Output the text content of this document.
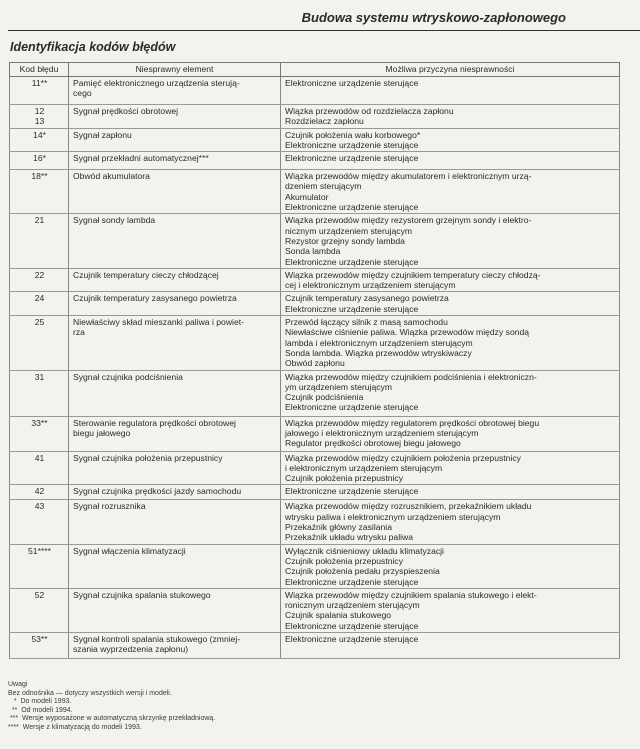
Budowa systemu wtryskowo-zapłonowego
Identyfikacja kodów błędów
Kod błędu	Niesprawny element	Możliwa przyczyna niesprawności

11**	Pamięć elektronicznego urządzenia sterują-
cego	Elektroniczne urządzenie sterujące

12
13	Sygnał prędkości obrotowej	Wiązka przewodów od rozdzielacza zapłonu
Rozdzielacz zapłonu

14*	Sygnał zapłonu	Czujnik położenia wału korbowego*
Elektroniczne urządzenie sterujące

16*	Sygnał przekładni automatycznej***	Elektroniczne urządzenie sterujące

18**	Obwód akumulatora	Wiązka przewodów między akumulatorem i elektronicznym urzą-
dzeniem sterującym
Akumulator
Elektroniczne urządzenie sterujące

21	Sygnał sondy lambda	Wiązka przewodów między rezystorem grzejnym sondy i elektro-
nicznym urządzeniem sterującym
Rezystor grzejny sondy lambda
Sonda lambda
Elektroniczne urządzenie sterujące

22	Czujnik temperatury cieczy chłodzącej	Wiązka przewodów między czujnikiem temperatury cieczy chłodzą-
cej i elektronicznym urządzeniem sterującym

24	Czujnik temperatury zasysanego powietrza	Czujnik temperatury zasysanego powietrza
Elektroniczne urządzenie sterujące

25	Niewłaściwy skład mieszanki paliwa i powiet-
rza	Przewód łączący silnik z masą samochodu
Niewłaściwe ciśnienie paliwa. Wiązka przewodów między sondą
lambda i elektronicznym urządzeniem sterującym
Sonda lambda. Wiązka przewodów wtryskiwaczy
Obwód zapłonu

31	Sygnał czujnika podciśnienia	Wiązka przewodów między czujnikiem podciśnienia i elektroniczn-
ym urządzeniem sterującym
Czujnik podciśnienia
Elektroniczne urządzenie sterujące

33**	Sterowanie regulatora prędkości obrotowej
biegu jałowego	Wiązka przewodów między regulatorem prędkości obrotowej biegu
jałowego i elektronicznym urządzeniem sterującym
Regulator prędkości obrotowej biegu jałowego

41	Sygnał czujnika położenia przepustnicy	Wiązka przewodów między czujnikiem położenia przepustnicy
i elektronicznym urządzeniem sterującym
Czujnik położenia przepustnicy

42	Sygnał czujnika prędkości jazdy samochodu	Elektroniczne urządzenie sterujące

43	Sygnał rozrusznika	Wiązka przewodów między rozrusznikiem, przekaźnikiem układu
wtrysku paliwa i elektronicznym urządzeniem sterującym
Przekaźnik główny zasilania
Przekaźnik układu wtrysku paliwa

51****	Sygnał włączenia klimatyzacji	Wyłącznik ciśnieniowy układu klimatyzacji
Czujnik położenia przepustnicy
Czujnik położenia pedału przyspieszenia
Elektroniczne urządzenie sterujące

52	Sygnał czujnika spalania stukowego	Wiązka przewodów między czujnikiem spalania stukowego i elekt-
ronicznym urządzeniem sterującym
Czujnik spalania stukowego
Elektroniczne urządzenie sterujące

53**	Sygnał kontroli spalania stukowego (zmniej-
szania wyprzedzenia zapłonu)	Elektroniczne urządzenie sterujące
Uwagi
Bez odnośnika — dotyczy wszystkich wersji i modeli.
*  Do modeli 1993.
**  Od modeli 1994.
***  Wersje wyposażone w automatyczną skrzynkę przekładniową.
****  Wersje z klimatyzacją do modeli 1993.
